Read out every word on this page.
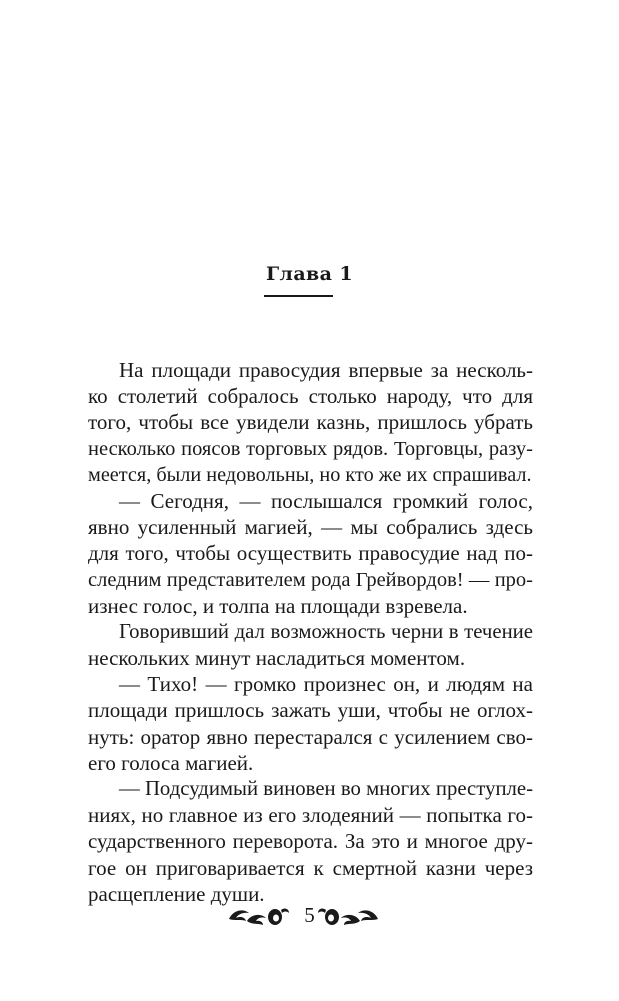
Глава 1
На площади правосудия впервые за несколь-
ко столетий собралось столько народу, что для
того, чтобы все увидели казнь, пришлось убрать
несколько поясов торговых рядов. Торговцы, разу-
меется, были недовольны, но кто же их спрашивал.
— Сегодня, — послышался громкий голос,
явно усиленный магией, — мы собрались здесь
для того, чтобы осуществить правосудие над по-
следним представителем рода Грейвордов! — про-
изнес голос, и толпа на площади взревела.
Говоривший дал возможность черни в течение
нескольких минут насладиться моментом.
— Тихо! — громко произнес он, и людям на
площади пришлось зажать уши, чтобы не оглох-
нуть: оратор явно перестарался с усилением сво-
его голоса магией.
— Подсудимый виновен во многих преступле-
ниях, но главное из его злодеяний — попытка го-
сударственного переворота. За это и многое дру-
гое он приговаривается к смертной казни через
расщепление души.
5
